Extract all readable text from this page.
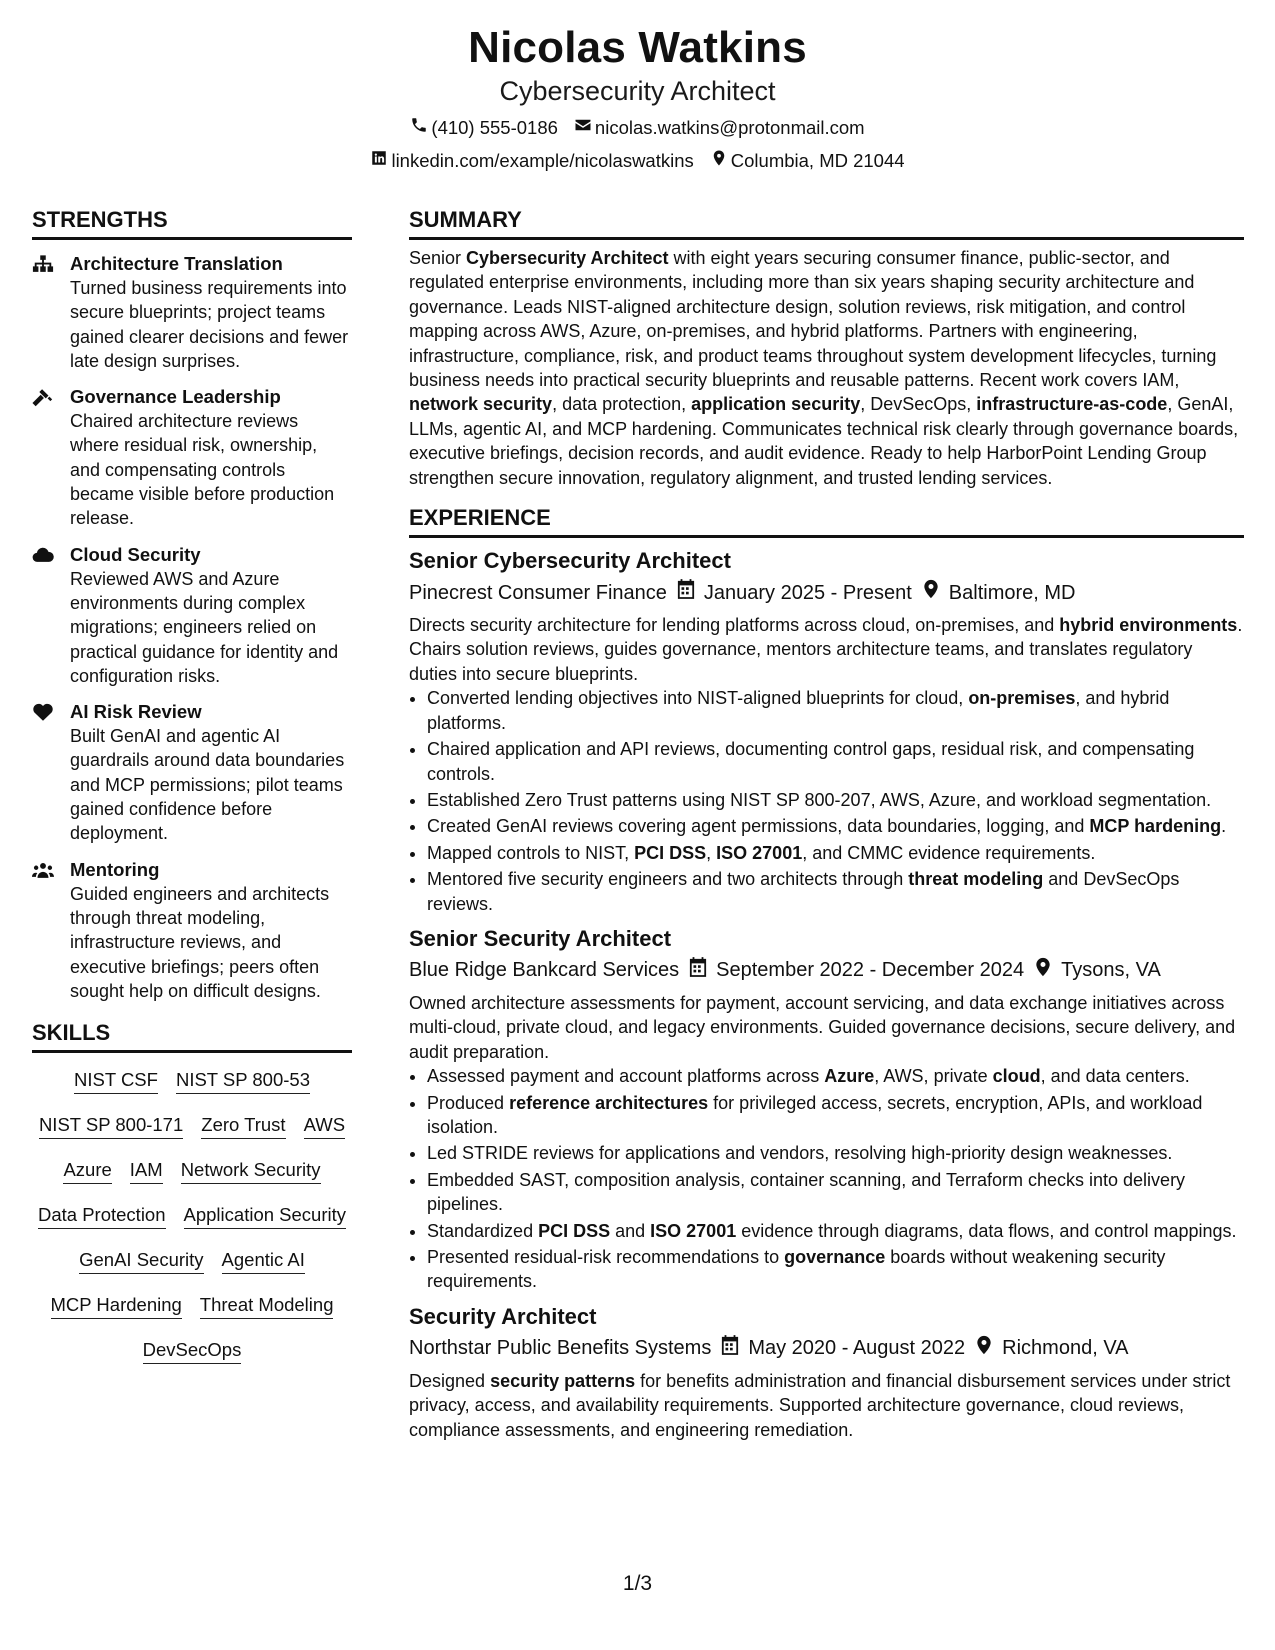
Nicolas Watkins
Cybersecurity Architect
(410) 555-0186 nicolas.watkins@protonmail.com
linkedin.com/example/nicolaswatkins Columbia, MD 21044
STRENGTHS
Architecture Translation
Turned business requirements into secure blueprints; project teams gained clearer decisions and fewer late design surprises.
Governance Leadership
Chaired architecture reviews where residual risk, ownership, and compensating controls became visible before production release.
Cloud Security
Reviewed AWS and Azure environments during complex migrations; engineers relied on practical guidance for identity and configuration risks.
AI Risk Review
Built GenAI and agentic AI guardrails around data boundaries and MCP permissions; pilot teams gained confidence before deployment.
Mentoring
Guided engineers and architects through threat modeling, infrastructure reviews, and executive briefings; peers often sought help on difficult designs.
SKILLS
NIST CSF NIST SP 800-53
NIST SP 800-171 Zero Trust AWS
Azure IAM Network Security
Data Protection Application Security
GenAI Security Agentic AI
MCP Hardening Threat Modeling
DevSecOps
SUMMARY
Senior Cybersecurity Architect with eight years securing consumer finance, public-sector, and regulated enterprise environments, including more than six years shaping security architecture and governance. Leads NIST-aligned architecture design, solution reviews, risk mitigation, and control mapping across AWS, Azure, on-premises, and hybrid platforms. Partners with engineering, infrastructure, compliance, risk, and product teams throughout system development lifecycles, turning business needs into practical security blueprints and reusable patterns. Recent work covers IAM, network security, data protection, application security, DevSecOps, infrastructure-as-code, GenAI, LLMs, agentic AI, and MCP hardening. Communicates technical risk clearly through governance boards, executive briefings, decision records, and audit evidence. Ready to help HarborPoint Lending Group strengthen secure innovation, regulatory alignment, and trusted lending services.
EXPERIENCE
Senior Cybersecurity Architect
Pinecrest Consumer Finance January 2025 - Present Baltimore, MD
Directs security architecture for lending platforms across cloud, on-premises, and hybrid environments. Chairs solution reviews, guides governance, mentors architecture teams, and translates regulatory duties into secure blueprints.
• Converted lending objectives into NIST-aligned blueprints for cloud, on-premises, and hybrid platforms.
• Chaired application and API reviews, documenting control gaps, residual risk, and compensating controls.
• Established Zero Trust patterns using NIST SP 800-207, AWS, Azure, and workload segmentation.
• Created GenAI reviews covering agent permissions, data boundaries, logging, and MCP hardening.
• Mapped controls to NIST, PCI DSS, ISO 27001, and CMMC evidence requirements.
• Mentored five security engineers and two architects through threat modeling and DevSecOps reviews.
Senior Security Architect
Blue Ridge Bankcard Services September 2022 - December 2024 Tysons, VA
Owned architecture assessments for payment, account servicing, and data exchange initiatives across multi-cloud, private cloud, and legacy environments. Guided governance decisions, secure delivery, and audit preparation.
• Assessed payment and account platforms across Azure, AWS, private cloud, and data centers.
• Produced reference architectures for privileged access, secrets, encryption, APIs, and workload isolation.
• Led STRIDE reviews for applications and vendors, resolving high-priority design weaknesses.
• Embedded SAST, composition analysis, container scanning, and Terraform checks into delivery pipelines.
• Standardized PCI DSS and ISO 27001 evidence through diagrams, data flows, and control mappings.
• Presented residual-risk recommendations to governance boards without weakening security requirements.
Security Architect
Northstar Public Benefits Systems May 2020 - August 2022 Richmond, VA
Designed security patterns for benefits administration and financial disbursement services under strict privacy, access, and availability requirements. Supported architecture governance, cloud reviews, compliance assessments, and engineering remediation.
1/3
